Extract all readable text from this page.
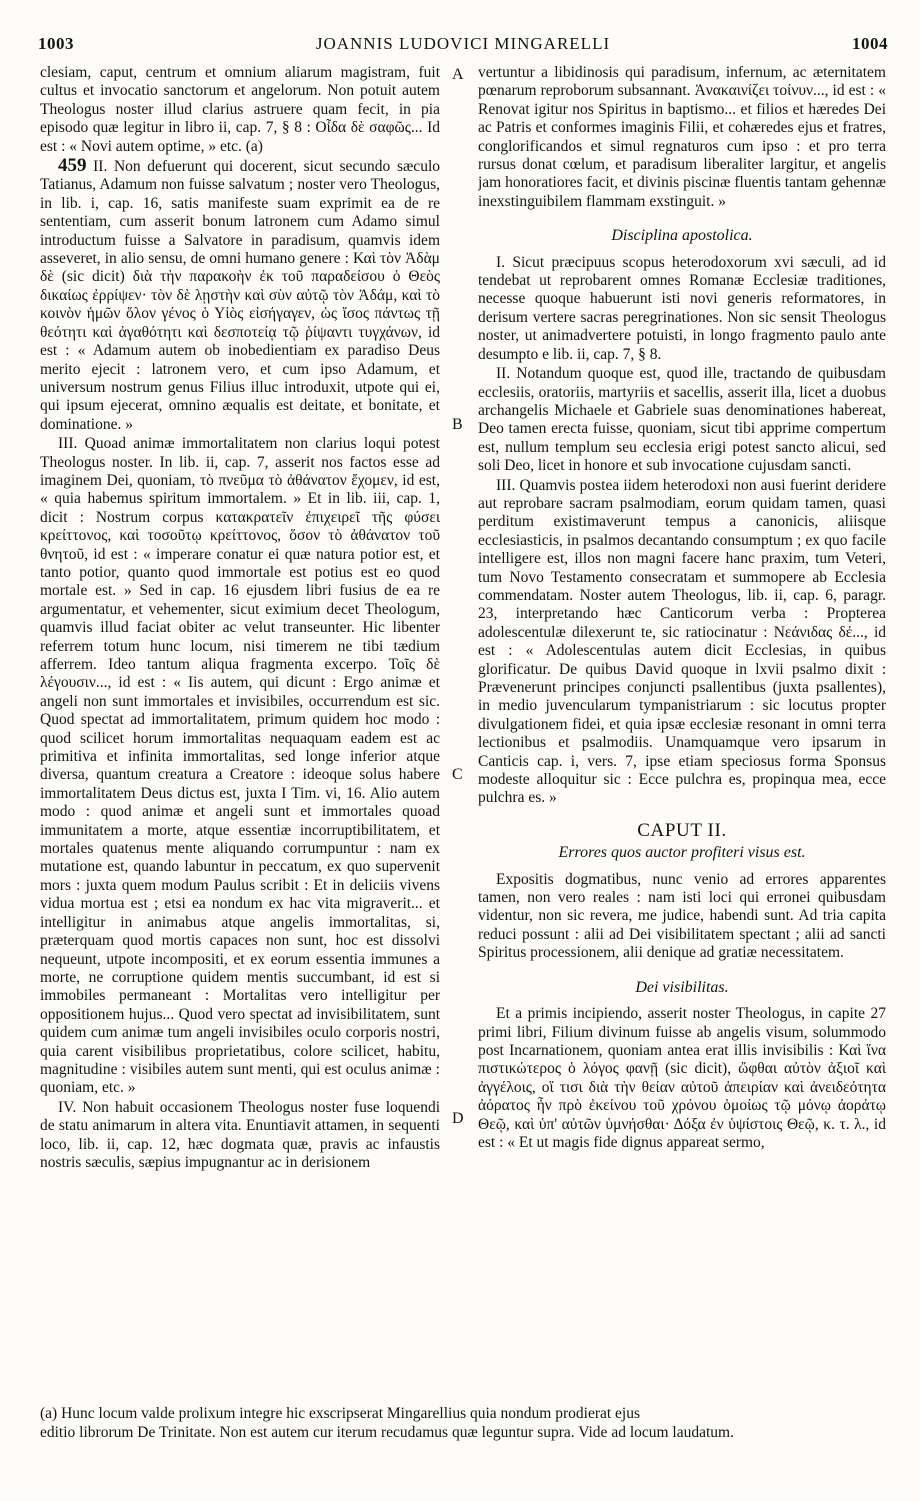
1003	JOANNIS LUDOVICI MINGARELLI	1004

clesiam, caput, centrum et omnium aliarum magistram, fuit cultus et invocatio sanctorum et angelorum. Non potuit autem Theologus noster illud clarius astruere quam fecit, in pia episodo quæ legitur in libro ii, cap. 7, § 8 : Οἶδα δὲ σαφῶς... Id est : « Novi autem optime, » etc. (a)

459 II. Non defuerunt qui docerent, sicut secundo sæculo Tatianus, Adamum non fuisse salvatum ; noster vero Theologus, in lib. i, cap. 16, satis manifeste suam exprimit ea de re sententiam, cum asserit bonum latronem cum Adamo simul introductum fuisse a Salvatore in paradisum, quamvis idem asseveret, in alio sensu, de omni humano genere : Καὶ τὸν Ἀδὰμ δὲ (sic dicit) διὰ τὴν παρακοὴν ἐκ τοῦ παραδείσου ὁ Θεὸς δικαίως ἐρρίψεν· τὸν δὲ λῃστὴν καὶ σὺν αὐτῷ τὸν Ἀδάμ, καὶ τὸ κοινὸν ἡμῶν ὅλον γένος ὁ Υἱὸς εἰσήγαγεν, ὡς ἴσος πάντως τῇ θεότητι καὶ ἀγαθότητι καὶ δεσποτείᾳ τῷ ῥίψαντι τυγχάνων, id est : « Adamum autem ob inobedientiam ex paradiso Deus merito ejecit : latronem vero, et cum ipso Adamum, et universum nostrum genus Filius illuc introduxit, utpote qui ei, qui ipsum ejecerat, omnino æqualis est deitate, et bonitate, et dominatione. »

III. Quoad animæ immortalitatem non clarius loqui potest Theologus noster. In lib. ii, cap. 7, asserit nos factos esse ad imaginem Dei, quoniam, τὸ πνεῦμα τὸ ἀθάνατον ἔχομεν, id est, « quia habemus spiritum immortalem. » Et in lib. iii, cap. 1, dicit : Nostrum corpus κατακρατεῖν ἐπιχειρεῖ τῆς φύσει κρείττονος, καὶ τοσοῦτῳ κρείττονος, ὅσον τὸ ἀθάνατον τοῦ θνητοῦ, id est : « imperare conatur ei quæ natura potior est, et tanto potior, quanto quod immortale est potius est eo quod mortale est. » Sed in cap. 16 ejusdem libri fusius de ea re argumentatur, et vehementer, sicut eximium decet Theologum, quamvis illud faciat obiter ac velut transeunter. Hic libenter referrem totum hunc locum, nisi timerem ne tibi tædium afferrem. Ideo tantum aliqua fragmenta excerpo. Τοῖς δὲ λέγουσιν..., id est : « Iis autem, qui dicunt : Ergo animæ et angeli non sunt immortales et invisibiles, occurrendum est sic. Quod spectat ad immortalitatem, primum quidem hoc modo : quod scilicet horum immortalitas nequaquam eadem est ac primitiva et infinita immortalitas, sed longe inferior atque diversa, quantum creatura a Creatore : ideoque solus habere immortalitatem Deus dictus est, juxta I Tim. vi, 16. Alio autem modo : quod animæ et angeli sunt et immortales quoad immunitatem a morte, atque essentiæ incorruptibilitatem, et mortales quatenus mente aliquando corrumpuntur : nam ex mutatione est, quando labuntur in peccatum, ex quo supervenit mors : juxta quem modum Paulus scribit : Et in deliciis vivens vidua mortua est ; etsi ea nondum ex hac vita migraverit... et intelligitur in animabus atque angelis immortalitas, si, præterquam quod mortis capaces non sunt, hoc est dissolvi nequeunt, utpote incompositi, et ex eorum essentia immunes a morte, ne corruptione quidem mentis succumbant, id est si immobiles permaneant : Mortalitas vero intelligitur per oppositionem hujus... Quod vero spectat ad invisibilitatem, sunt quidem cum animæ tum angeli invisibiles oculo corporis nostri, quia carent visibilibus proprietatibus, colore scilicet, habitu, magnitudine : visibiles autem sunt menti, qui est oculus animæ : quoniam, etc. »

IV. Non habuit occasionem Theologus noster fuse loquendi de statu animarum in altera vita. Enuntiavit attamen, in sequenti loco, lib. ii, cap. 12, hæc dogmata quæ, pravis ac infaustis nostris sæculis, sæpius impugnantur ac in derisionem

A
B
C
D

vertuntur a libidinosis qui paradisum, infernum, ac æternitatem pœnarum reproborum subsannant. Ἀνακαινίζει τοίνυν..., id est : « Renovat igitur nos Spiritus in baptismo... et filios et hæredes Dei ac Patris et conformes imaginis Filii, et cohæredes ejus et fratres, conglorificandos et simul regnaturos cum ipso : et pro terra rursus donat cœlum, et paradisum liberaliter largitur, et angelis jam honoratiores facit, et divinis piscinæ fluentis tantam gehennæ inexstinguibilem flammam exstinguit. »

Disciplina apostolica.

I. Sicut præcipuus scopus heterodoxorum xvi sæculi, ad id tendebat ut reprobarent omnes Romanæ Ecclesiæ traditiones, necesse quoque habuerunt isti novi generis reformatores, in derisum vertere sacras peregrinationes. Non sic sensit Theologus noster, ut animadvertere potuisti, in longo fragmento paulo ante desumpto e lib. ii, cap. 7, § 8.

II. Notandum quoque est, quod ille, tractando de quibusdam ecclesiis, oratoriis, martyriis et sacellis, asserit illa, licet a duobus archangelis Michaele et Gabriele suas denominationes habereat, Deo tamen erecta fuisse, quoniam, sicut tibi apprime compertum est, nullum templum seu ecclesia erigi potest sancto alicui, sed soli Deo, licet in honore et sub invocatione cujusdam sancti.

III. Quamvis postea iidem heterodoxi non ausi fuerint deridere aut reprobare sacram psalmodiam, eorum quidam tamen, quasi perditum existimaverunt tempus a canonicis, aliisque ecclesiasticis, in psalmos decantando consumptum ; ex quo facile intelligere est, illos non magni facere hanc praxim, tum Veteri, tum Novo Testamento consecratam et summopere ab Ecclesia commendatam. Noster autem Theologus, lib. ii, cap. 6, paragr. 23, interpretando hæc Canticorum verba : Propterea adolescentulæ dilexerunt te, sic ratiocinatur : Νεάνιδας δέ..., id est : « Adolescentulas autem dicit Ecclesias, in quibus glorificatur. De quibus David quoque in lxvii psalmo dixit : Prævenerunt principes conjuncti psallentibus (juxta psallentes), in medio juvencularum tympanistriarum : sic locutus propter divulgationem fidei, et quia ipsæ ecclesiæ resonant in omni terra lectionibus et psalmodiis. Unamquamque vero ipsarum in Canticis cap. i, vers. 7, ipse etiam speciosus forma Sponsus modeste alloquitur sic : Ecce pulchra es, propinqua mea, ecce pulchra es. »

CAPUT II.
Errores quos auctor profiteri visus est.

Expositis dogmatibus, nunc venio ad errores apparentes tamen, non vero reales : nam isti loci qui erronei quibusdam videntur, non sic revera, me judice, habendi sunt. Ad tria capita reduci possunt : alii ad Dei visibilitatem spectant ; alii ad sancti Spiritus processionem, alii denique ad gratiæ necessitatem.

Dei visibilitas.

Et a primis incipiendo, asserit noster Theologus, in capite 27 primi libri, Filium divinum fuisse ab angelis visum, solummodo post Incarnationem, quoniam antea erat illis invisibilis : Καὶ ἵνα πιστικώτερος ὁ λόγος φανῇ (sic dicit), ὤφθαι αὐτὸν ἀξιοῖ καὶ ἀγγέλοις, οἵ τισι διὰ τὴν θείαν αὐτοῦ ἀπειρίαν καὶ ἀνειδεότητα ἀόρατος ἦν πρὸ ἐκείνου τοῦ χρόνου ὁμοίως τῷ μόνῳ ἀοράτῳ Θεῷ, καὶ ὑπ' αὐτῶν ὑμνήσθαι· Δόξα ἐν ὑψίστοις Θεῷ, κ. τ. λ., id est : « Et ut magis fide dignus appareat sermo,

(a) Hunc locum valde prolixum integre hic exscripserat Mingarellius quia nondum prodierat ejus
editio librorum De Trinitate. Non est autem cur iterum recudamus quæ leguntur supra. Vide ad locum laudatum.
